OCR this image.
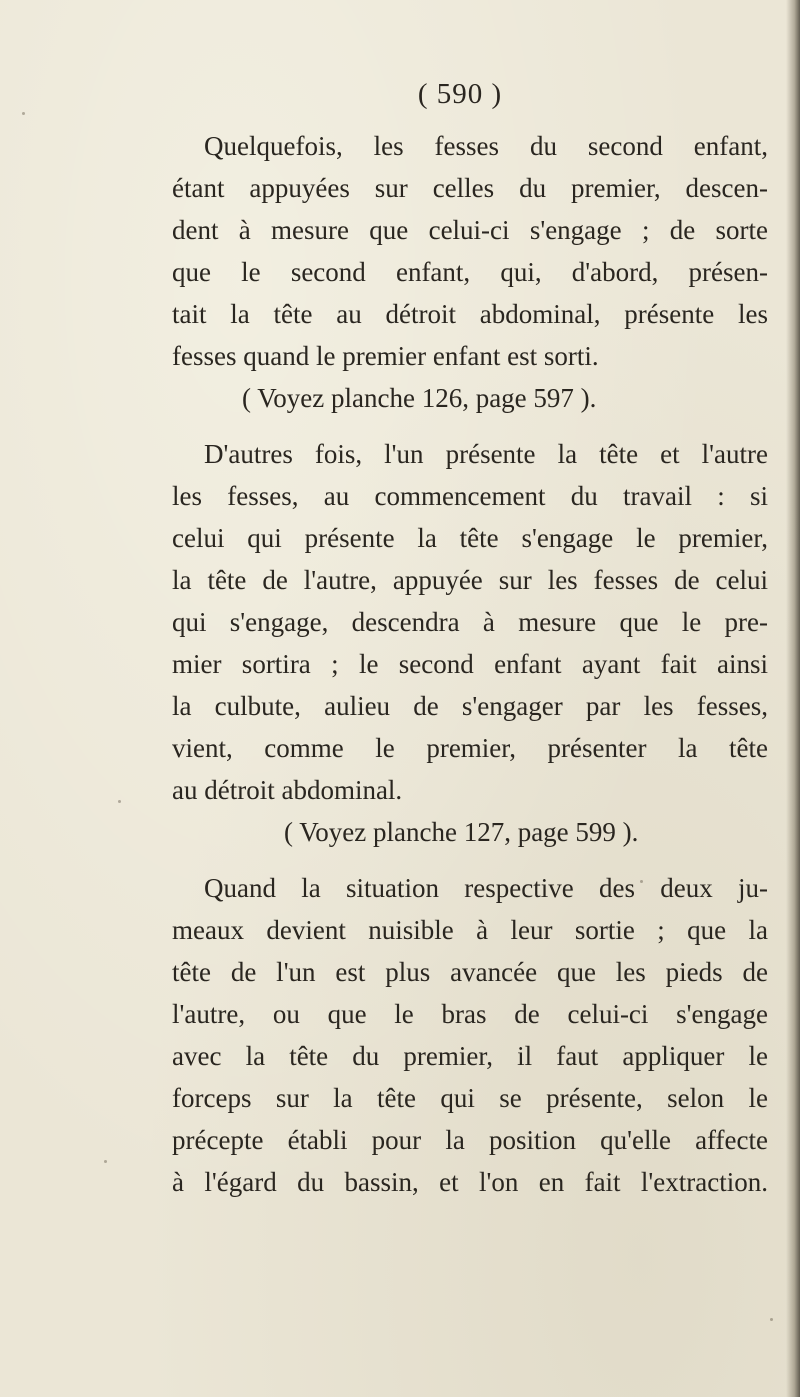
( 590 )
Quelquefois, les fesses du second enfant,
étant appuyées sur celles du premier, descen-
dent à mesure que celui-ci s'engage ; de sorte
que le second enfant, qui, d'abord, présen-
tait la tête au détroit abdominal, présente les
fesses quand le premier enfant est sorti.
( Voyez planche 126, page 597 ).
D'autres fois, l'un présente la tête et l'autre
les fesses, au commencement du travail : si
celui qui présente la tête s'engage le premier,
la tête de l'autre, appuyée sur les fesses de celui
qui s'engage, descendra à mesure que le pre-
mier sortira ; le second enfant ayant fait ainsi
la culbute, aulieu de s'engager par les fesses,
vient, comme le premier, présenter la tête
au détroit abdominal.
( Voyez planche 127, page 599 ).
Quand la situation respective des deux ju-
meaux devient nuisible à leur sortie ; que la
tête de l'un est plus avancée que les pieds de
l'autre, ou que le bras de celui-ci s'engage
avec la tête du premier, il faut appliquer le
forceps sur la tête qui se présente, selon le
précepte établi pour la position qu'elle affecte
à l'égard du bassin, et l'on en fait l'extraction.
